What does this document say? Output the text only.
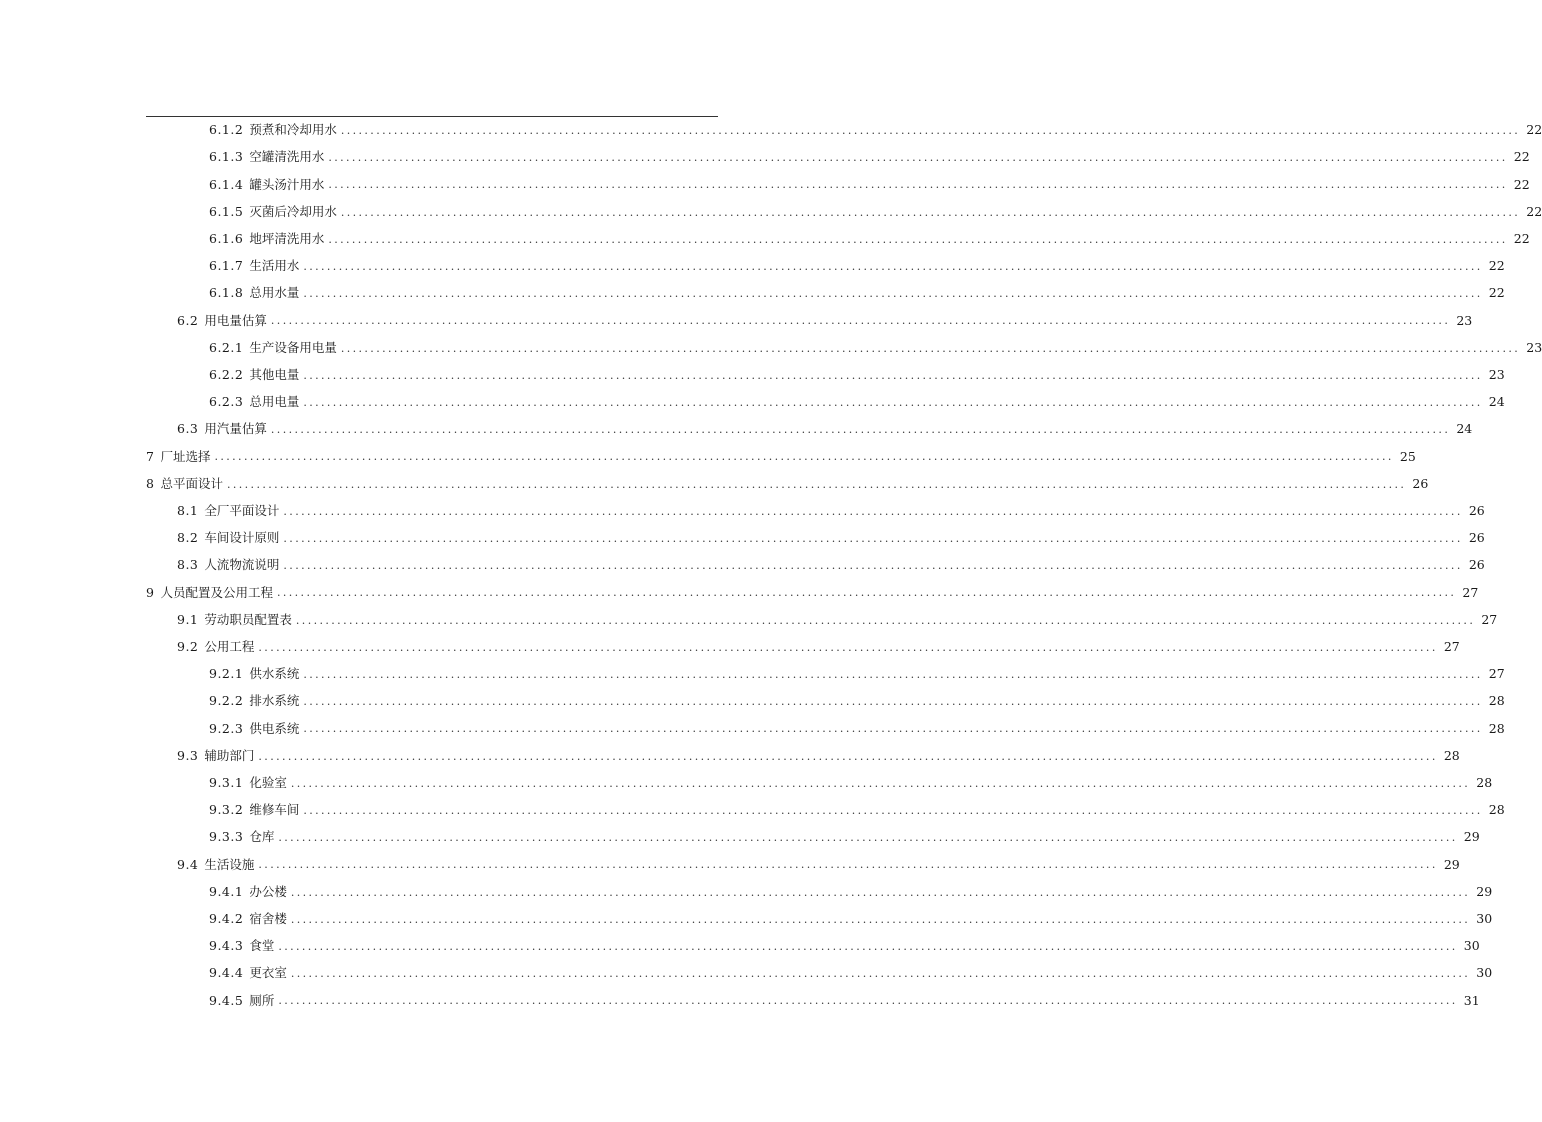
6.1.2 预煮和冷却用水 ........................................................................................................................................................................................................ 22
6.1.3 空罐清洗用水 ........................................................................................................................................................................................................ 22
6.1.4 罐头汤汁用水 ........................................................................................................................................................................................................ 22
6.1.5 灭菌后冷却用水 ........................................................................................................................................................................................................ 22
6.1.6 地坪清洗用水 ........................................................................................................................................................................................................ 22
6.1.7 生活用水 ........................................................................................................................................................................................................ 22
6.1.8 总用水量 ........................................................................................................................................................................................................ 22
6.2 用电量估算 ........................................................................................................................................................................................................ 23
6.2.1 生产设备用电量 ........................................................................................................................................................................................................ 23
6.2.2 其他电量 ........................................................................................................................................................................................................ 23
6.2.3 总用电量 ........................................................................................................................................................................................................ 24
6.3 用汽量估算 ........................................................................................................................................................................................................ 24
7 厂址选择 ........................................................................................................................................................................................................ 25
8 总平面设计 ........................................................................................................................................................................................................ 26
8.1 全厂平面设计 ........................................................................................................................................................................................................ 26
8.2 车间设计原则 ........................................................................................................................................................................................................ 26
8.3 人流物流说明 ........................................................................................................................................................................................................ 26
9 人员配置及公用工程 ........................................................................................................................................................................................................ 27
9.1 劳动职员配置表 ........................................................................................................................................................................................................ 27
9.2 公用工程 ........................................................................................................................................................................................................ 27
9.2.1 供水系统 ........................................................................................................................................................................................................ 27
9.2.2 排水系统 ........................................................................................................................................................................................................ 28
9.2.3 供电系统 ........................................................................................................................................................................................................ 28
9.3 辅助部门 ........................................................................................................................................................................................................ 28
9.3.1 化验室 ........................................................................................................................................................................................................ 28
9.3.2 维修车间 ........................................................................................................................................................................................................ 28
9.3.3 仓库 ........................................................................................................................................................................................................ 29
9.4 生活设施 ........................................................................................................................................................................................................ 29
9.4.1 办公楼 ........................................................................................................................................................................................................ 29
9.4.2 宿舍楼 ........................................................................................................................................................................................................ 30
9.4.3 食堂 ........................................................................................................................................................................................................ 30
9.4.4 更衣室 ........................................................................................................................................................................................................ 30
9.4.5 厕所 ........................................................................................................................................................................................................ 31
